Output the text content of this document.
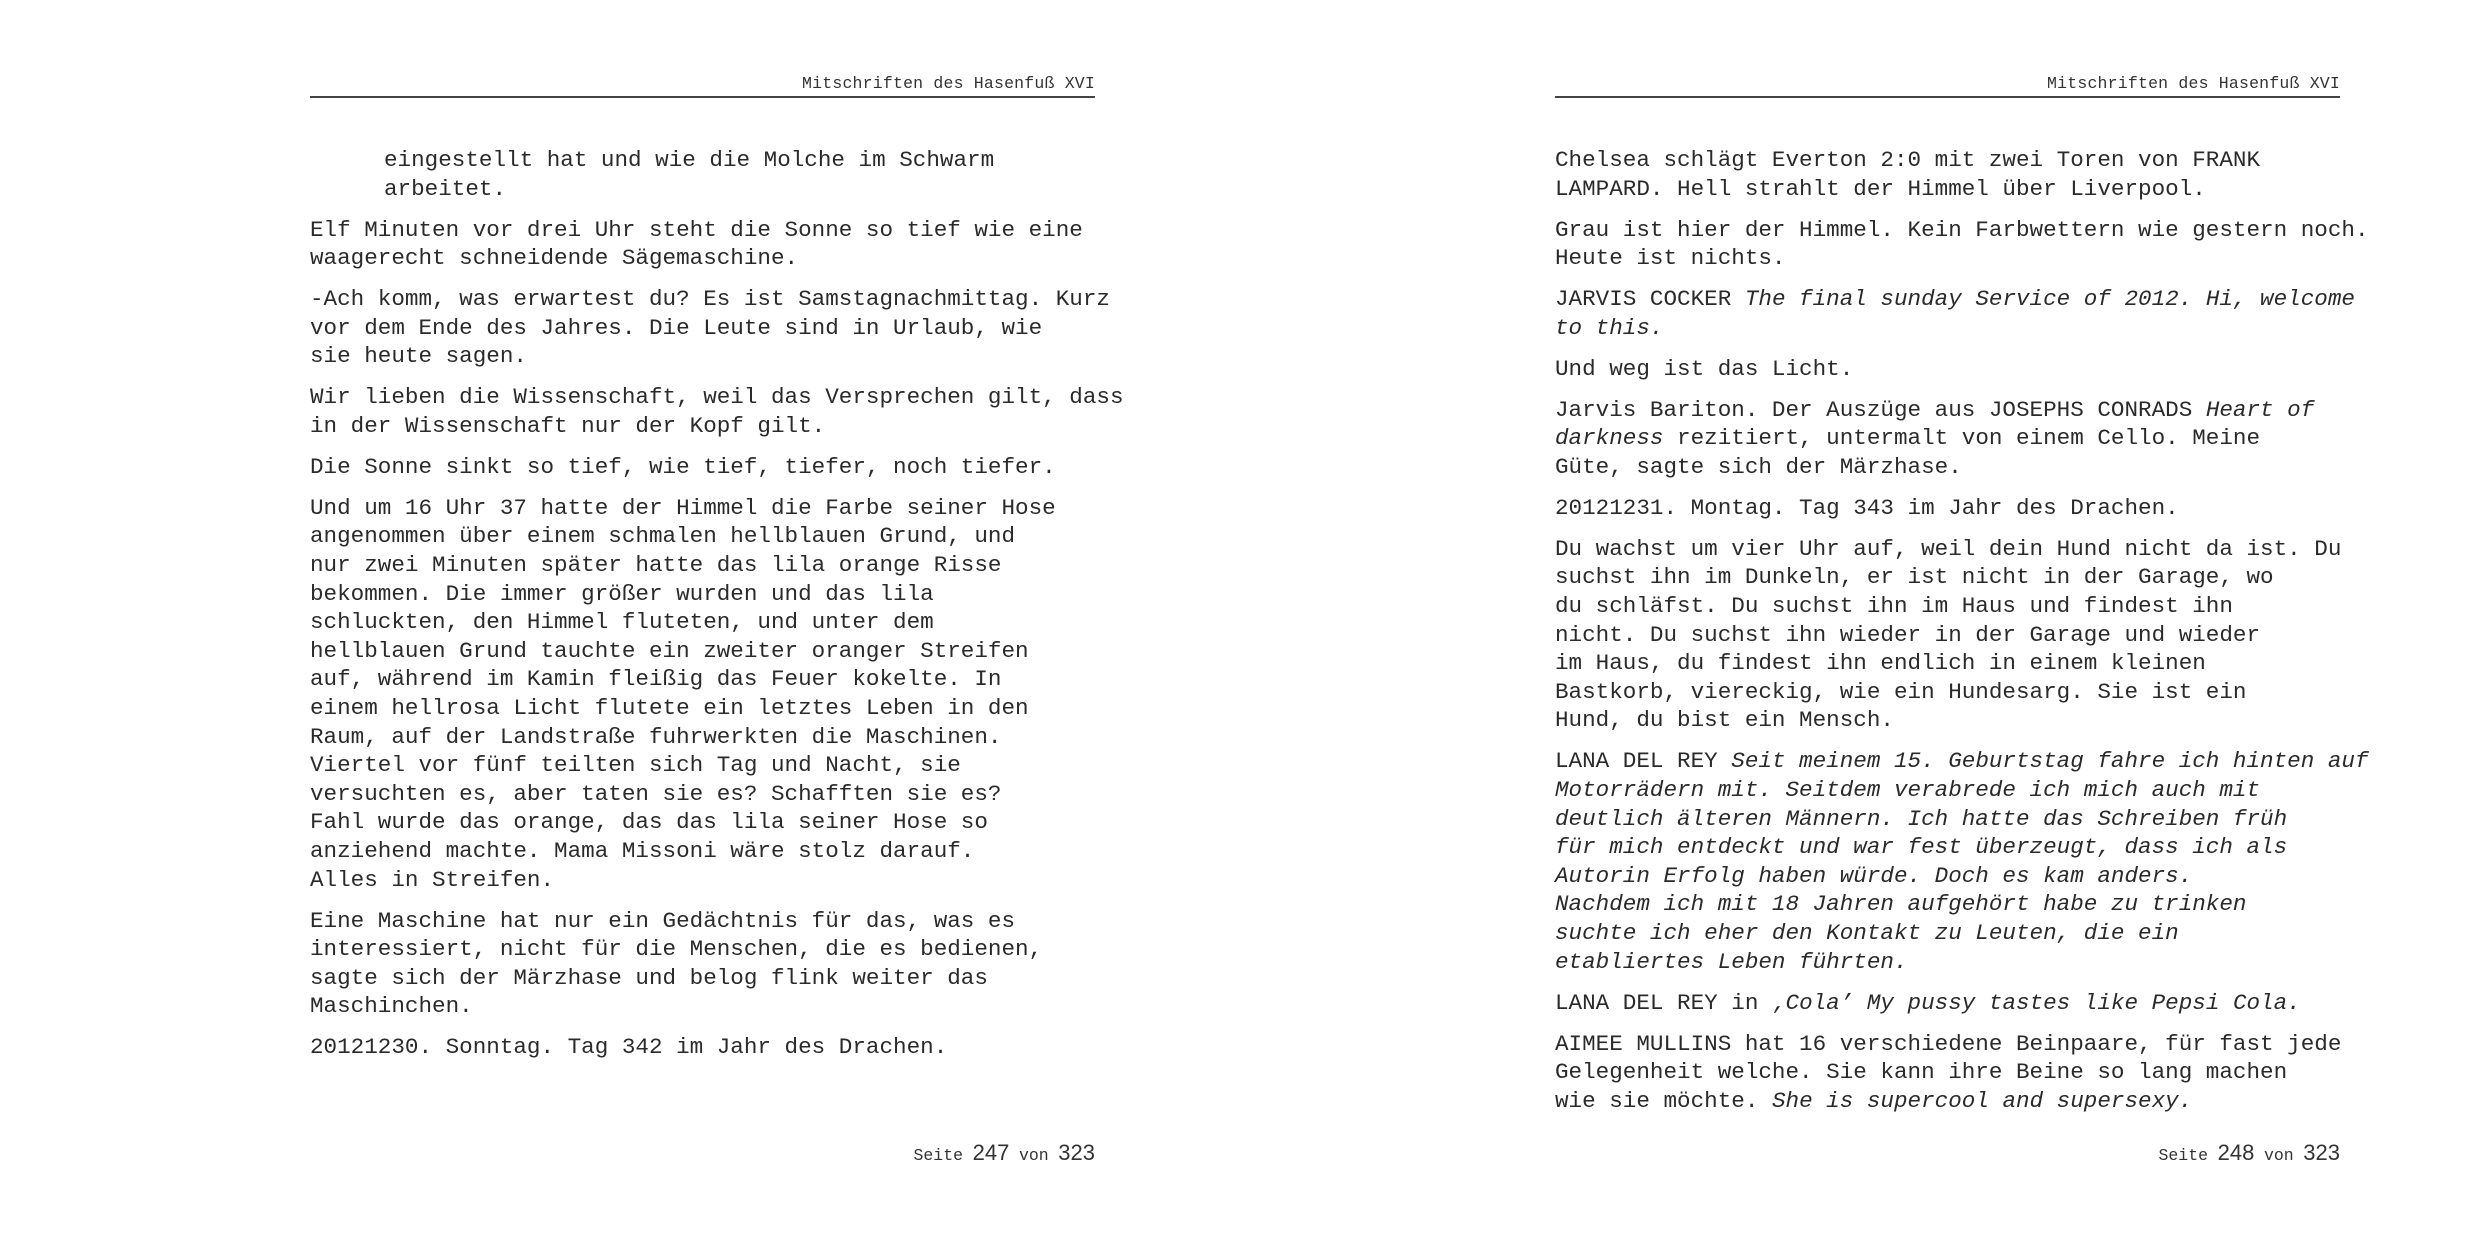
Mitschriften des Hasenfuß XVI
eingestellt hat und wie die Molche im Schwarm
arbeitet.
Elf Minuten vor drei Uhr steht die Sonne so tief wie eine
waagerecht schneidende Sägemaschine.
-Ach komm, was erwartest du? Es ist Samstagnachmittag. Kurz
vor dem Ende des Jahres. Die Leute sind in Urlaub, wie
sie heute sagen.
Wir lieben die Wissenschaft, weil das Versprechen gilt, dass
in der Wissenschaft nur der Kopf gilt.
Die Sonne sinkt so tief, wie tief, tiefer, noch tiefer.
Und um 16 Uhr 37 hatte der Himmel die Farbe seiner Hose
angenommen über einem schmalen hellblauen Grund, und
nur zwei Minuten später hatte das lila orange Risse
bekommen. Die immer größer wurden und das lila
schluckten, den Himmel fluteten, und unter dem
hellblauen Grund tauchte ein zweiter oranger Streifen
auf, während im Kamin fleißig das Feuer kokelte. In
einem hellrosa Licht flutete ein letztes Leben in den
Raum, auf der Landstraße fuhrwerkten die Maschinen.
Viertel vor fünf teilten sich Tag und Nacht, sie
versuchten es, aber taten sie es? Schafften sie es?
Fahl wurde das orange, das das lila seiner Hose so
anziehend machte. Mama Missoni wäre stolz darauf.
Alles in Streifen.
Eine Maschine hat nur ein Gedächtnis für das, was es
interessiert, nicht für die Menschen, die es bedienen,
sagte sich der Märzhase und belog flink weiter das
Maschinchen.
20121230. Sonntag. Tag 342 im Jahr des Drachen.
Seite 247 von 323
Mitschriften des Hasenfuß XVI
Chelsea schlägt Everton 2:0 mit zwei Toren von FRANK
LAMPARD. Hell strahlt der Himmel über Liverpool.
Grau ist hier der Himmel. Kein Farbwettern wie gestern noch.
Heute ist nichts.
JARVIS COCKER The final sunday Service of 2012. Hi, welcome
to this.
Und weg ist das Licht.
Jarvis Bariton. Der Auszüge aus JOSEPHS CONRADS Heart of
darkness rezitiert, untermalt von einem Cello. Meine
Güte, sagte sich der Märzhase.
20121231. Montag. Tag 343 im Jahr des Drachen.
Du wachst um vier Uhr auf, weil dein Hund nicht da ist. Du
suchst ihn im Dunkeln, er ist nicht in der Garage, wo
du schläfst. Du suchst ihn im Haus und findest ihn
nicht. Du suchst ihn wieder in der Garage und wieder
im Haus, du findest ihn endlich in einem kleinen
Bastkorb, viereckig, wie ein Hundesarg. Sie ist ein
Hund, du bist ein Mensch.
LANA DEL REY Seit meinem 15. Geburtstag fahre ich hinten auf
Motorrädern mit. Seitdem verabrede ich mich auch mit
deutlich älteren Männern. Ich hatte das Schreiben früh
für mich entdeckt und war fest überzeugt, dass ich als
Autorin Erfolg haben würde. Doch es kam anders.
Nachdem ich mit 18 Jahren aufgehört habe zu trinken
suchte ich eher den Kontakt zu Leuten, die ein
etabliertes Leben führten.
LANA DEL REY in ‚Cola’ My pussy tastes like Pepsi Cola.
AIMEE MULLINS hat 16 verschiedene Beinpaare, für fast jede
Gelegenheit welche. Sie kann ihre Beine so lang machen
wie sie möchte. She is supercool and supersexy.
Seite 248 von 323
